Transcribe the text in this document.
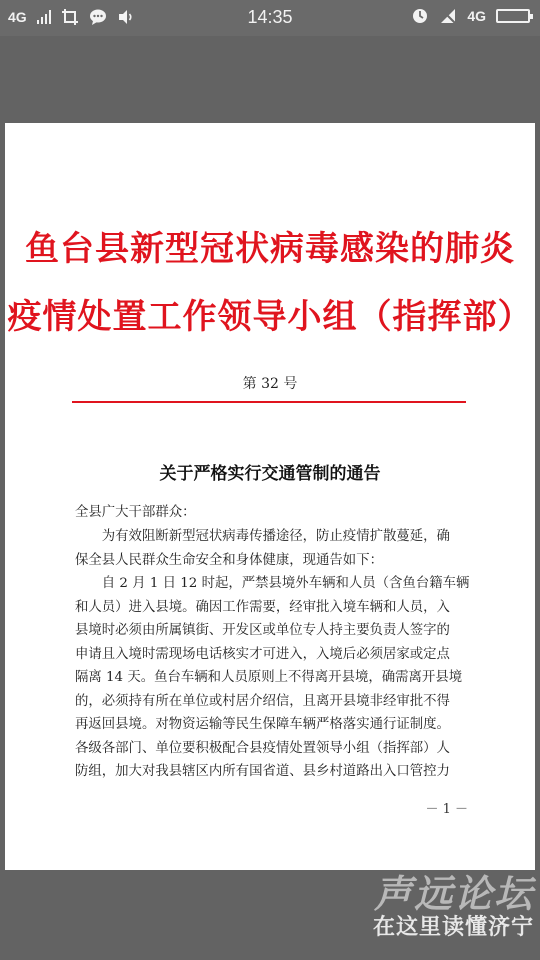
4G	14:35	4G
鱼台县新型冠状病毒感染的肺炎
疫情处置工作领导小组（指挥部）
第 32 号
关于严格实行交通管制的通告
全县广大干部群众：
　　为有效阻断新型冠状病毒传播途径，防止疫情扩散蔓延，确
保全县人民群众生命安全和身体健康，现通告如下：
　　自 2 月 1 日 12 时起，严禁县境外车辆和人员（含鱼台籍车辆
和人员）进入县境。确因工作需要，经审批入境车辆和人员，入
县境时必须由所属镇街、开发区或单位专人持主要负责人签字的
申请且入境时需现场电话核实才可进入，入境后必须居家或定点
隔离 14 天。鱼台车辆和人员原则上不得离开县境，确需离开县境
的，必须持有所在单位或村居介绍信，且离开县境非经审批不得
再返回县境。对物资运输等民生保障车辆严格落实通行证制度。
各级各部门、单位要积极配合县疫情处置领导小组（指挥部）人
防组，加大对我县辖区内所有国省道、县乡村道路出入口管控力
－ 1 －
声远论坛
在这里读懂济宁
